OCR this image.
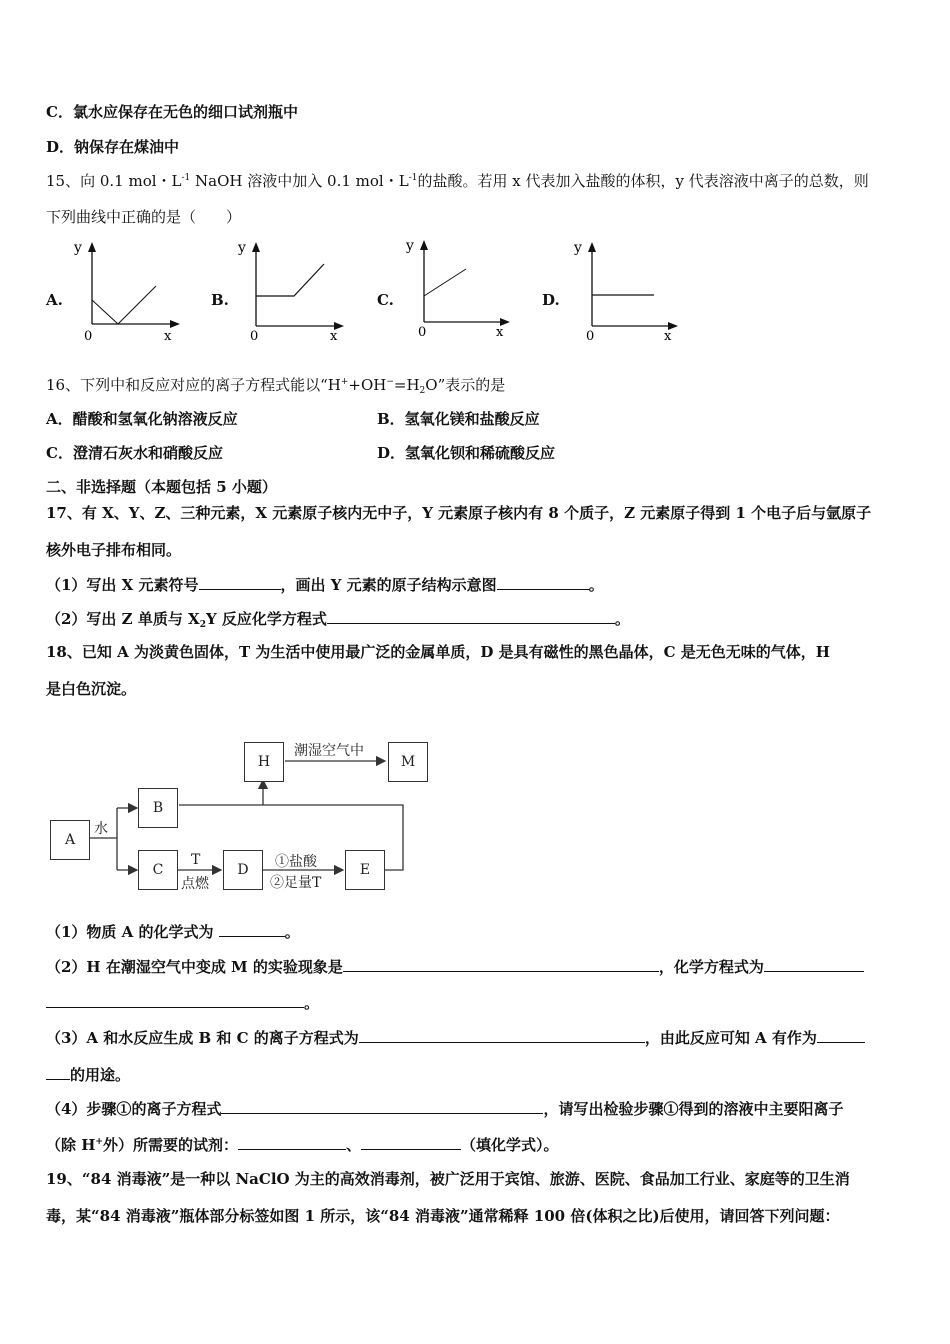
C．氯水应保存在无色的细口试剂瓶中
D．钠保存在煤油中
15、向 0.1 mol・$L^{-1}$ NaOH 溶液中加入 0.1 mol・$L^{-1}$的盐酸。若用 x 代表加入盐酸的体积，y 代表溶液中离子的总数，则
下列曲线中正确的是（　　）
A.
y
0	x
B.
y
0	x
C.
y
0	x
D.
y
0	x
16、下列中和反应对应的离子方程式能以“$H^++OH^-=H_2O$”表示的是
A．醋酸和氢氧化钠溶液反应	B．氢氧化镁和盐酸反应
C．澄清石灰水和硝酸反应	D．氢氧化钡和稀硫酸反应
二、非选择题（本题包括 5 小题）
17、有 X、Y、Z、三种元素，X 元素原子核内无中子，Y 元素原子核内有 8 个质子，Z 元素原子得到 1 个电子后与氩原子
核外电子排布相同。
（1）写出 X 元素符号	，画出 Y 元素的原子结构示意图	。
（2）写出 Z 单质与 $X_2Y$ 反应化学方程式	。
18、已知 A 为淡黄色固体，T 为生活中使用最广泛的金属单质，D 是具有磁性的黑色晶体，C 是无色无味的气体，H
是白色沉淀。
A
B
C	D	E
H	M
水
T
点燃
①盐酸
②足量T
潮湿空气中
（1）物质 A 的化学式为	。
（2）H 在潮湿空气中变成 M 的实验现象是	，化学方程式为
。
（3）A 和水反应生成 B 和 C 的离子方程式为	，由此反应可知 A 有作为
的用途。
（4）步骤①的离子方程式	，请写出检验步骤①得到的溶液中主要阳离子
（除 H+外）所需要的试剂：	、	（填化学式）。
19、“84 消毒液”是一种以 NaClO 为主的高效消毒剂，被广泛用于宾馆、旅游、医院、食品加工行业、家庭等的卫生消
毒，某“84 消毒液”瓶体部分标签如图 1 所示，该“84 消毒液”通常稀释 100 倍(体积之比)后使用，请回答下列问题：
